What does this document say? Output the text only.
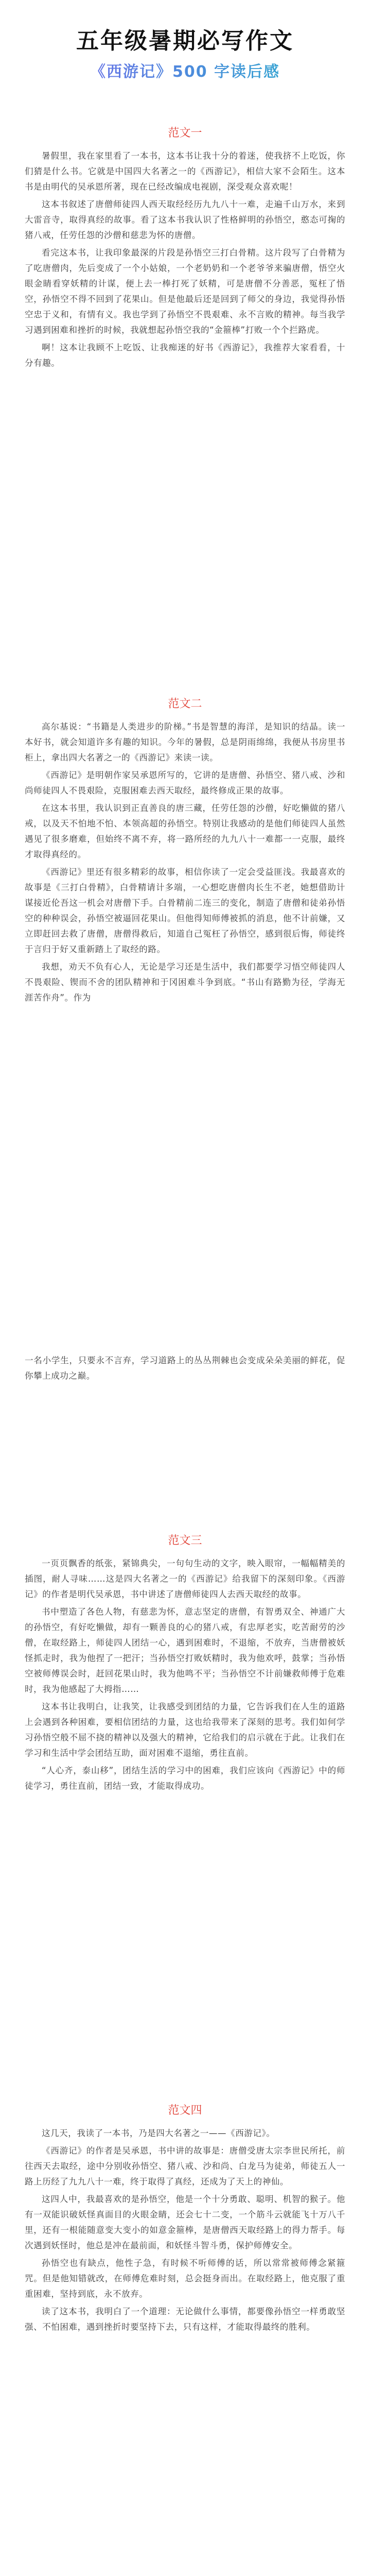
五年级暑期必写作文

《西游记》500 字读后感

范文一

暑假里，我在家里看了一本书，这本书让我十分的着迷，使我挤不上吃饭，你们猜是什么书。它就是中国四大名著之一的《西游记》，相信大家不会陌生。这本书是由明代的吴承恩所著，现在已经改编成电视剧，深受观众喜欢呢！

这本书叙述了唐僧师徒四人西天取经经历九九八十一难，走遍千山万水，来到大雷音寺，取得真经的故事。看了这本书我认识了性格鲜明的孙悟空，憨态可掬的猪八戒，任劳任怨的沙僧和慈悲为怀的唐僧。

看完这本书，让我印象最深的片段是孙悟空三打白骨精。这片段写了白骨精为了吃唐僧肉，先后变成了一个小姑娘，一个老奶奶和一个老爷爷来骗唐僧，悟空火眼金睛看穿妖精的计谋，便上去一棒打死了妖精，可是唐僧不分善恶，冤枉了悟空，孙悟空不得不回到了花果山。但是他最后还是回到了师父的身边，我觉得孙悟空忠于义和，有情有义。我也学到了孙悟空不畏艰难、永不言败的精神。每当我学习遇到困难和挫折的时候，我就想起孙悟空我的“金箍棒”打败一个个拦路虎。

啊！这本让我顾不上吃饭、让我痴迷的好书《西游记》，我推荐大家看看，十分有趣。

范文二

高尔基说：“书籍是人类进步的阶梯。”书是智慧的海洋，是知识的结晶。读一本好书，就会知道许多有趣的知识。今年的暑假，总是阴雨绵绵，我便从书房里书柜上，拿出四大名著之一的《西游记》来读一读。

《西游记》是明朝作家吴承恩所写的，它讲的是唐僧、孙悟空、猪八戒、沙和尚师徒四人不畏艰险，克服困难去西天取经，最终修成正果的故事。

在这本书里，我认识到正直善良的唐三藏，任劳任怨的沙僧，好吃懒做的猪八戒，以及天不怕地不怕、本领高超的孙悟空。特别让我感动的是他们师徒四人虽然遇见了很多磨难，但始终不离不弃，将一路所经的九九八十一难都一一克服，最终才取得真经的。

《西游记》里还有很多精彩的故事，相信你读了一定会受益匪浅。我最喜欢的故事是《三打白骨精》，白骨精请计多端，一心想吃唐僧肉长生不老，她想借助计谋接近伦吾这一机会对唐僧下手。白骨精前二连三的变化，制造了唐僧和徒弟孙悟空的种种误会，孙悟空被逼回花果山。但他得知师傅被抓的消息，他不计前嫌，又立即赶回去救了唐僧，唐僧得救后，知道自己冤枉了孙悟空，感到很后悔，师徒终于言归于好又重新踏上了取经的路。

我想，劝天不负有心人，无论是学习还是生活中，我们都要学习悟空师徒四人不畏艰险、锲而不舍的团队精神和于冈困难斗争到底。“书山有路勤为径，学海无涯苦作舟”。作为

一名小学生，只要永不言弃，学习道路上的丛丛荆棘也会变成朵朵美丽的鲜花，促你攀上成功之巅。

范文三

一页页飘香的纸张，紧锦典尖，一句句生动的文字，映入眼帘，一幅幅精美的插图，耐人寻味……这是四大名著之一的《西游记》给我留下的深刻印象。《西游记》的作者是明代吴承恩，书中讲述了唐僧师徒四人去西天取经的故事。

书中塑造了各色人物，有慈悲为怀，意志坚定的唐僧，有智勇双全、神通广大的孙悟空，有好吃懒做，却有一颗善良的心的猪八戒，有忠厚老实，吃苦耐劳的沙僧，在取经路上，师徒四人团结一心，遇到困难时，不退缩，不放弃，当唐僧被妖怪抓走时，我为他捏了一把汗；当孙悟空打败妖精时，我为他欢呼，鼓掌；当孙悟空被师傅误会时，赶回花果山时，我为他鸣不平；当孙悟空不计前嫌救师傅于危难时，我为他感起了大拇指……

这本书让我明白，让我笑，让我感受到团结的力量，它告诉我们在人生的道路上会遇到各种困难，要相信团结的力量，这也给我带来了深刻的思考。我们如何学习孙悟空般不屈不挠的精神以及强大的精神，它给我们的启示就在于此。让我们在学习和生活中学会团结互助，面对困难不退缩，勇往直前。

“人心齐，泰山移”，团结生活的学习中的困难，我们应该向《西游记》中的师徒学习，勇往直前，团结一致，才能取得成功。

范文四

这几天，我读了一本书，乃是四大名著之一——《西游记》。

《西游记》的作者是吴承恩，书中讲的故事是：唐僧受唐太宗李世民所托，前往西天去取经，途中分别收孙悟空、猪八戒、沙和尚、白龙马为徒弟，师徒五人一路上历经了九九八十一难，终于取得了真经，还成为了天上的神仙。

这四人中，我最喜欢的是孙悟空，他是一个十分勇敢、聪明、机智的猴子。他有一双能识破妖怪真面目的火眼金睛，还会七十二变，一个筋斗云就能飞十万八千里，还有一根能随意变大变小的如意金箍棒，是唐僧西天取经路上的得力帮手。每次遇到妖怪时，他总是冲在最前面，和妖怪斗智斗勇，保护师傅安全。

孙悟空也有缺点，他性子急，有时候不听师傅的话，所以常常被师傅念紧箍咒。但是他知错就改，在师傅危难时刻，总会挺身而出。在取经路上，他克服了重重困难，坚持到底，永不放弃。

读了这本书，我明白了一个道理：无论做什么事情，都要像孙悟空一样勇敢坚强、不怕困难，遇到挫折时要坚持下去，只有这样，才能取得最终的胜利。
